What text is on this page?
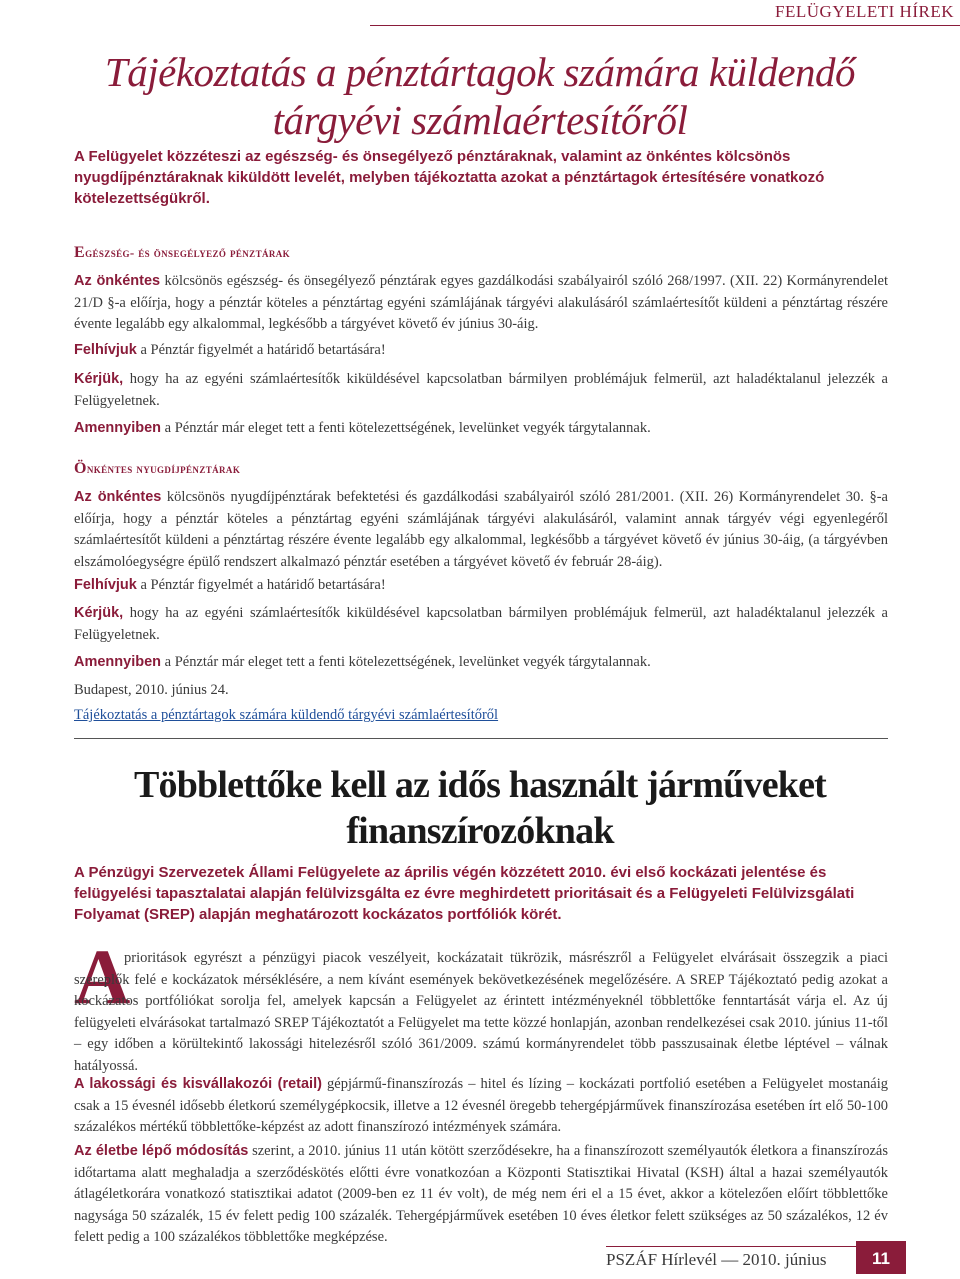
FELÜGYELETI HÍREK
Tájékoztatás a pénztártagok számára küldendő
tárgyévi számlaértesítőről
A Felügyelet közzéteszi az egészség- és önsegélyező pénztáraknak, valamint az önkéntes kölcsönös nyugdíjpénztáraknak kiküldött levelét, melyben tájékoztatta azokat a pénztártagok értesítésére vonatkozó kötelezettségükről.
Egészség- és önsegélyező pénztárak
Az önkéntes kölcsönös egészség- és önsegélyező pénztárak egyes gazdálkodási szabályairól szóló 268/1997. (XII. 22) Kormányrendelet 21/D §-a előírja, hogy a pénztár köteles a pénztártag egyéni számlájának tárgyévi alakulásáról számlaértesítőt küldeni a pénztártag részére évente legalább egy alkalommal, legkésőbb a tárgyévet követő év június 30-áig.
Felhívjuk a Pénztár figyelmét a határidő betartására!
Kérjük, hogy ha az egyéni számlaértesítők kiküldésével kapcsolatban bármilyen problémájuk felmerül, azt haladéktalanul jelezzék a Felügyeletnek.
Amennyiben a Pénztár már eleget tett a fenti kötelezettségének, levelünket vegyék tárgytalannak.
Önkéntes nyugdíjpénztárak
Az önkéntes kölcsönös nyugdíjpénztárak befektetési és gazdálkodási szabályairól szóló 281/2001. (XII. 26) Kormányrendelet 30. §-a előírja, hogy a pénztár köteles a pénztártag egyéni számlájának tárgyévi alakulásáról, valamint annak tárgyév végi egyenlegéről számlaértesítőt küldeni a pénztártag részére évente legalább egy alkalommal, legkésőbb a tárgyévet követő év június 30-áig, (a tárgyévben elszámolóegységre épülő rendszert alkalmazó pénztár esetében a tárgyévet követő év február 28-áig).
Felhívjuk a Pénztár figyelmét a határidő betartására!
Kérjük, hogy ha az egyéni számlaértesítők kiküldésével kapcsolatban bármilyen problémájuk felmerül, azt haladéktalanul jelezzék a Felügyeletnek.
Amennyiben a Pénztár már eleget tett a fenti kötelezettségének, levelünket vegyék tárgytalannak.
Budapest, 2010. június 24.
Tájékoztatás a pénztártagok számára küldendő tárgyévi számlaértesítőről
Többlettőke kell az idős használt járműveket
finanszírozóknak
A Pénzügyi Szervezetek Állami Felügyelete az április végén közzétett 2010. évi első kockázati jelentése és felügyelési tapasztalatai alapján felülvizsgálta ez évre meghirdetett prioritásait és a Felügyeleti Felülvizsgálati Folyamat (SREP) alapján meghatározott kockázatos portfóliók körét.
A
prioritások egyrészt a pénzügyi piacok veszélyeit, kockázatait tükrözik, másrészről a Felügyelet elvárásait összegzik a piaci szereplők felé e kockázatok mérséklésére, a nem kívánt események bekövetkezésének megelőzésére. A SREP Tájékoztató pedig azokat a kockázatos portfóliókat sorolja fel, amelyek kapcsán a Felügyelet az érintett intézményeknél többlettőke fenntartását várja el. Az új felügyeleti elvárásokat tartalmazó SREP Tájékoztatót a Felügyelet ma tette közzé honlapján, azonban rendelkezései csak 2010. június 11-től – egy időben a körültekintő lakossági hitelezésről szóló 361/2009. számú kormányrendelet több passzusainak életbe léptével – válnak hatályossá.
A lakossági és kisvállakozói (retail) gépjármű-finanszírozás – hitel és lízing – kockázati portfolió esetében a Felügyelet mostanáig csak a 15 évesnél idősebb életkorú személygépkocsik, illetve a 12 évesnél öregebb tehergépjárművek finanszírozása esetében írt elő 50-100 százalékos mértékű többlettőke-képzést az adott finanszírozó intézmények számára.
Az életbe lépő módosítás szerint, a 2010. június 11 után kötött szerződésekre, ha a finanszírozott személyautók életkora a finanszírozás időtartama alatt meghaladja a szerződéskötés előtti évre vonatkozóan a Központi Statisztikai Hivatal (KSH) által a hazai személyautók átlagéletkorára vonatkozó statisztikai adatot (2009-ben ez 11 év volt), de még nem éri el a 15 évet, akkor a kötelezően előírt többlettőke nagysága 50 százalék, 15 év felett pedig 100 százalék. Tehergépjárművek esetében 10 éves életkor felett szükséges az 50 százalékos, 12 év felett pedig a 100 százalékos többlettőke megképzése.
PSZÁF Hírlevél — 2010. június	11
